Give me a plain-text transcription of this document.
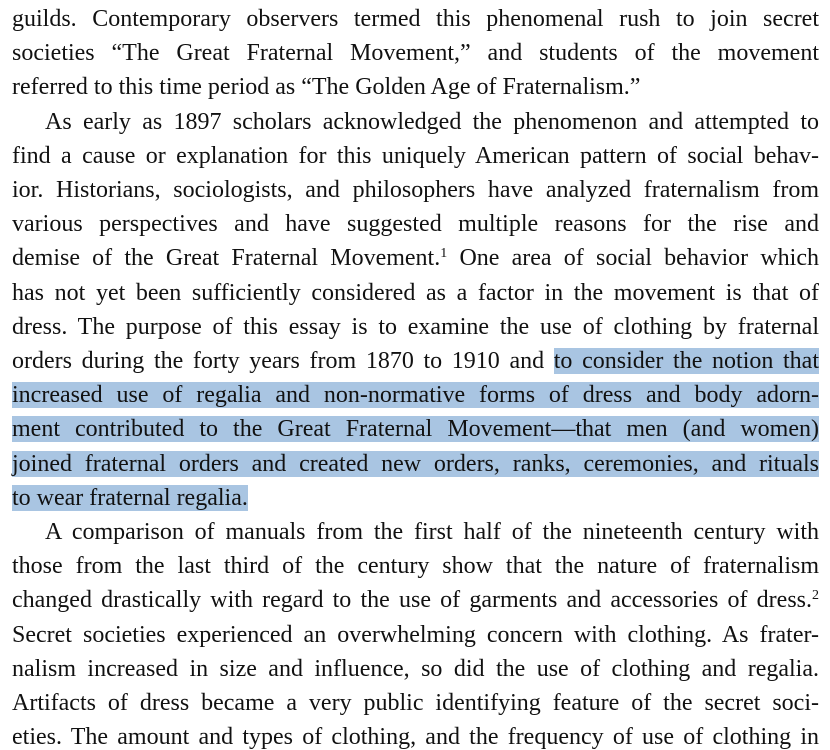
guilds. Contemporary observers termed this phenomenal rush to join secret
societies “The Great Fraternal Movement,” and students of the movement
referred to this time period as “The Golden Age of Fraternalism.”
As early as 1897 scholars acknowledged the phenomenon and attempted to
find a cause or explanation for this uniquely American pattern of social behav-
ior. Historians, sociologists, and philosophers have analyzed fraternalism from
various perspectives and have suggested multiple reasons for the rise and
demise of the Great Fraternal Movement.$^1$ One area of social behavior which
has not yet been sufficiently considered as a factor in the movement is that of
dress. The purpose of this essay is to examine the use of clothing by fraternal
orders during the forty years from 1870 to 1910 and to consider the notion that
increased use of regalia and non-normative forms of dress and body adorn-
ment contributed to the Great Fraternal Movement—that men (and women)
joined fraternal orders and created new orders, ranks, ceremonies, and rituals
to wear fraternal regalia.
A comparison of manuals from the first half of the nineteenth century with
those from the last third of the century show that the nature of fraternalism
changed drastically with regard to the use of garments and accessories of dress.$^2$
Secret societies experienced an overwhelming concern with clothing. As frater-
nalism increased in size and influence, so did the use of clothing and regalia.
Artifacts of dress became a very public identifying feature of the secret soci-
eties. The amount and types of clothing, and the frequency of use of clothing in
